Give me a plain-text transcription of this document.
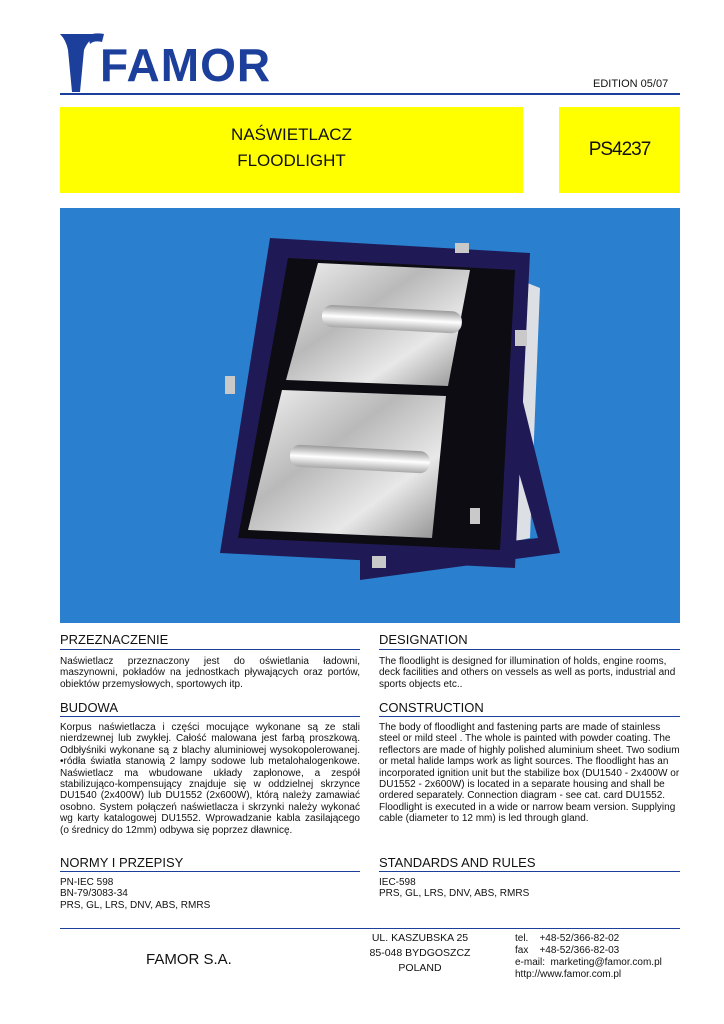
FAMOR	EDITION 05/07
NAŚWIETLACZ
FLOODLIGHT
PS4237
PRZEZNACZENIE
Naświetlacz przeznaczony jest do oświetlania ładowni, maszynowni, pokładów na jednostkach pływających oraz portów, obiektów przemysłowych, sportowych itp.
BUDOWA
Korpus naświetlacza i części mocujące wykonane są ze stali nierdzewnej lub zwykłej. Całość malowana jest farbą proszkową. Odbłyśniki wykonane są z blachy aluminiowej wysokopolerowanej. •ródła światła stanowią 2 lampy sodowe lub metalohalogenkowe. Naświetlacz ma wbudowane układy zapłonowe, a zespół stabilizująco-kompensujący znajduje się w oddzielnej skrzynce DU1540 (2x400W) lub DU1552 (2x600W), którą należy zamawiać osobno. System połączeń naświetlacza i skrzynki należy wykonać wg karty katalogowej DU1552. Wprowadzanie kabla zasilającego (o średnicy do 12mm) odbywa się poprzez dławnicę.
NORMY I PRZEPISY
PN-IEC 598
BN-79/3083-34
PRS, GL, LRS, DNV, ABS, RMRS
DESIGNATION
The floodlight is designed for illumination of holds, engine rooms, deck facilities and others on vessels as well as ports, industrial and sports objects etc..
CONSTRUCTION
The body of floodlight and fastening parts are made of stainless steel or mild steel . The whole is painted with powder coating. The reflectors are made of highly polished aluminium sheet. Two sodium or metal halide lamps work as light sources. The floodlight has an incorporated ignition unit but the stabilize box (DU1540 - 2x400W or DU1552 - 2x600W) is located in a separate housing and shall be ordered separately. Connection diagram - see cat. card DU1552. Floodlight is executed in a wide or narrow beam version. Supplying cable (diameter to 12 mm) is led through gland.
STANDARDS AND RULES
IEC-598
PRS, GL, LRS, DNV, ABS, RMRS
FAMOR S.A.
UL. KASZUBSKA 25
85-048 BYDGOSZCZ
POLAND
tel.    +48-52/366-82-02
fax    +48-52/366-82-03
e-mail:  marketing@famor.com.pl
http://www.famor.com.pl
